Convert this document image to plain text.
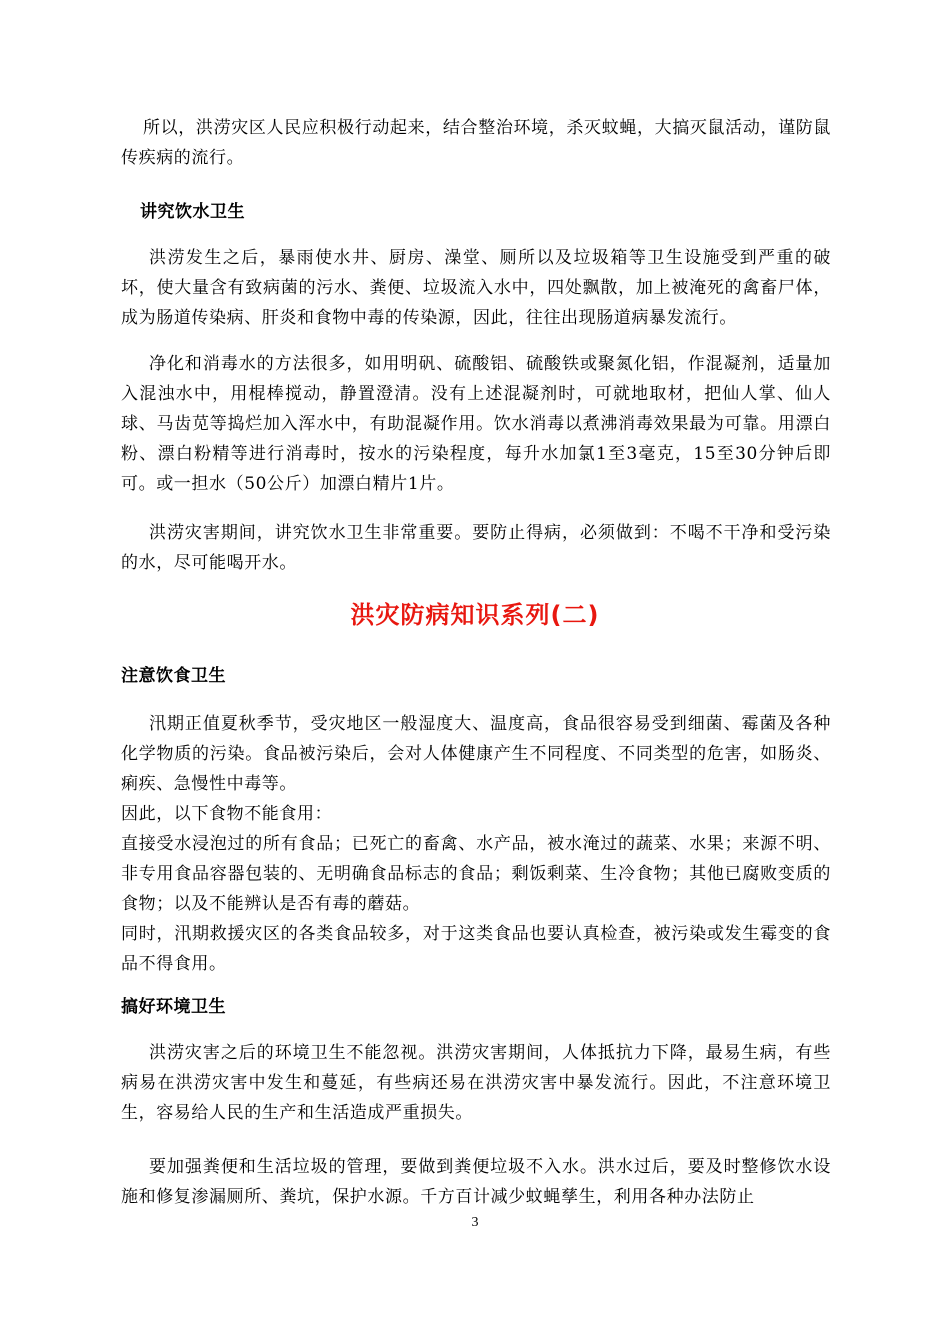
所以，洪涝灾区人民应积极行动起来，结合整治环境，杀灭蚊蝇，大搞灭鼠活动，谨防鼠传疾病的流行。

讲究饮水卫生

洪涝发生之后，暴雨使水井、厨房、澡堂、厕所以及垃圾箱等卫生设施受到严重的破坏，使大量含有致病菌的污水、粪便、垃圾流入水中，四处飘散，加上被淹死的禽畜尸体，成为肠道传染病、肝炎和食物中毒的传染源，因此，往往出现肠道病暴发流行。

净化和消毒水的方法很多，如用明矾、硫酸铝、硫酸铁或聚氮化铝，作混凝剂，适量加入混浊水中，用棍棒搅动，静置澄清。没有上述混凝剂时，可就地取材，把仙人掌、仙人球、马齿苋等捣烂加入浑水中，有助混凝作用。饮水消毒以煮沸消毒效果最为可靠。用漂白粉、漂白粉精等进行消毒时，按水的污染程度，每升水加氯1至3毫克，15至30分钟后即可。或一担水（50公斤）加漂白精片1片。

洪涝灾害期间，讲究饮水卫生非常重要。要防止得病，必须做到：不喝不干净和受污染的水，尽可能喝开水。

洪灾防病知识系列(二)

注意饮食卫生

汛期正值夏秋季节，受灾地区一般湿度大、温度高，食品很容易受到细菌、霉菌及各种化学物质的污染。食品被污染后，会对人体健康产生不同程度、不同类型的危害，如肠炎、痢疾、急慢性中毒等。

因此，以下食物不能食用：

直接受水浸泡过的所有食品；已死亡的畜禽、水产品，被水淹过的蔬菜、水果；来源不明、非专用食品容器包装的、无明确食品标志的食品；剩饭剩菜、生冷食物；其他已腐败变质的食物；以及不能辨认是否有毒的蘑菇。

同时，汛期救援灾区的各类食品较多，对于这类食品也要认真检查，被污染或发生霉变的食品不得食用。

搞好环境卫生

洪涝灾害之后的环境卫生不能忽视。洪涝灾害期间，人体抵抗力下降，最易生病，有些病易在洪涝灾害中发生和蔓延，有些病还易在洪涝灾害中暴发流行。因此，不注意环境卫生，容易给人民的生产和生活造成严重损失。

要加强粪便和生活垃圾的管理，要做到粪便垃圾不入水。洪水过后，要及时整修饮水设施和修复渗漏厕所、粪坑，保护水源。千方百计减少蚊蝇孳生，利用各种办法防止

3
